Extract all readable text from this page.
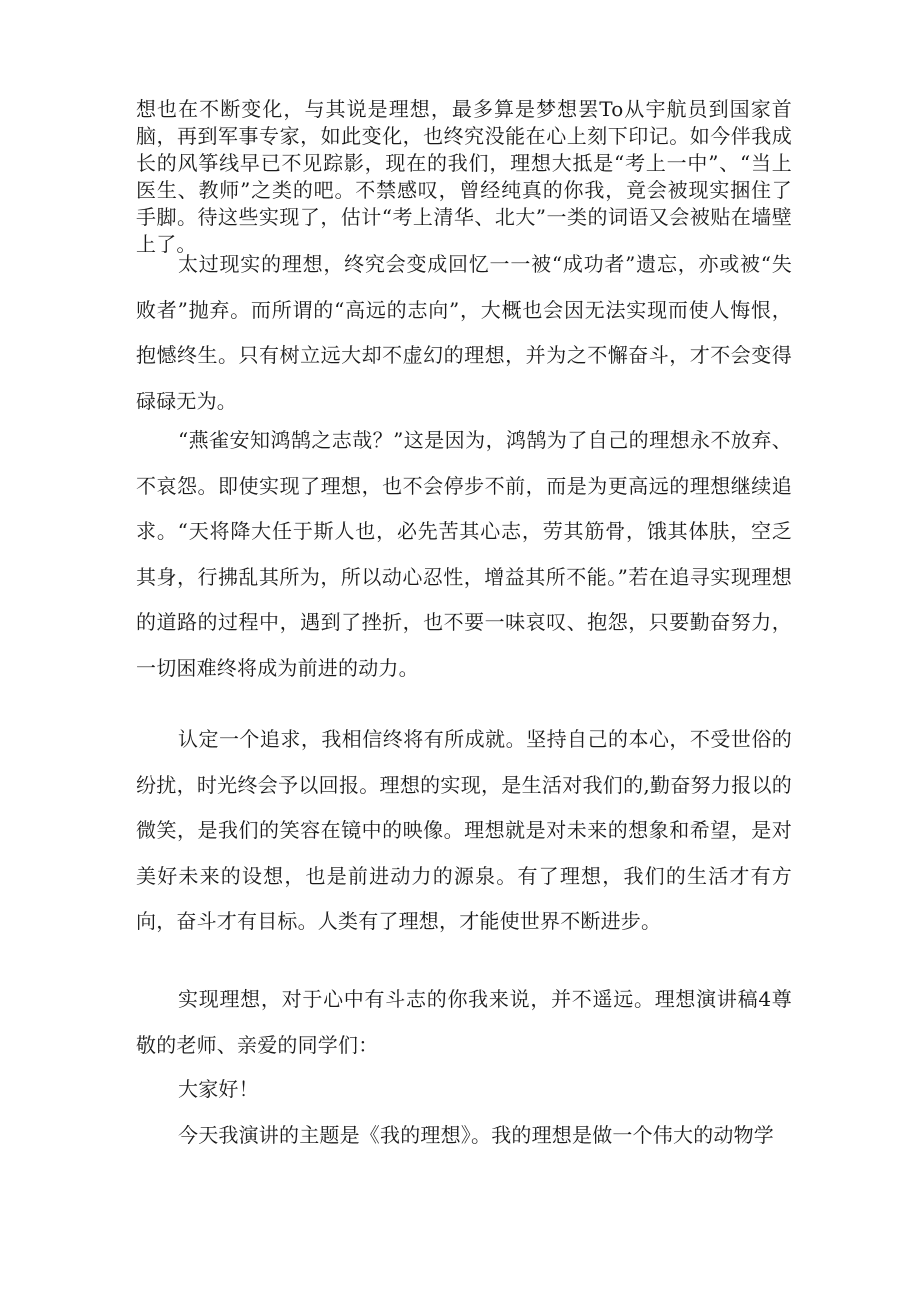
想也在不断变化，与其说是理想，最多算是梦想罢To从宇航员到国家首脑，再到军事专家，如此变化，也终究没能在心上刻下印记。如今伴我成长的风筝线早已不见踪影，现在的我们，理想大抵是“考上一中”、“当上医生、教师”之类的吧。不禁感叹，曾经纯真的你我，竟会被现实捆住了手脚。待这些实现了，估计“考上清华、北大”一类的词语又会被贴在墙壁上了。

太过现实的理想，终究会变成回忆一一被“成功者”遗忘，亦或被“失败者”抛弃。而所谓的“高远的志向”，大概也会因无法实现而使人悔恨，抱憾终生。只有树立远大却不虚幻的理想，并为之不懈奋斗，才不会变得碌碌无为。

“燕雀安知鸿鹄之志哉？”这是因为，鸿鹄为了自己的理想永不放弃、不哀怨。即使实现了理想，也不会停步不前，而是为更高远的理想继续追求。“天将降大任于斯人也，必先苦其心志，劳其筋骨，饿其体肤，空乏其身，行拂乱其所为，所以动心忍性，增益其所不能。”若在追寻实现理想的道路的过程中，遇到了挫折，也不要一味哀叹、抱怨，只要勤奋努力，一切困难终将成为前进的动力。

认定一个追求，我相信终将有所成就。坚持自己的本心，不受世俗的纷扰，时光终会予以回报。理想的实现，是生活对我们的,勤奋努力报以的微笑，是我们的笑容在镜中的映像。理想就是对未来的想象和希望，是对美好未来的设想，也是前进动力的源泉。有了理想，我们的生活才有方向，奋斗才有目标。人类有了理想，才能使世界不断进步。

实现理想，对于心中有斗志的你我来说，并不遥远。理想演讲稿4尊敬的老师、亲爱的同学们：

大家好！

今天我演讲的主题是《我的理想》。我的理想是做一个伟大的动物学
